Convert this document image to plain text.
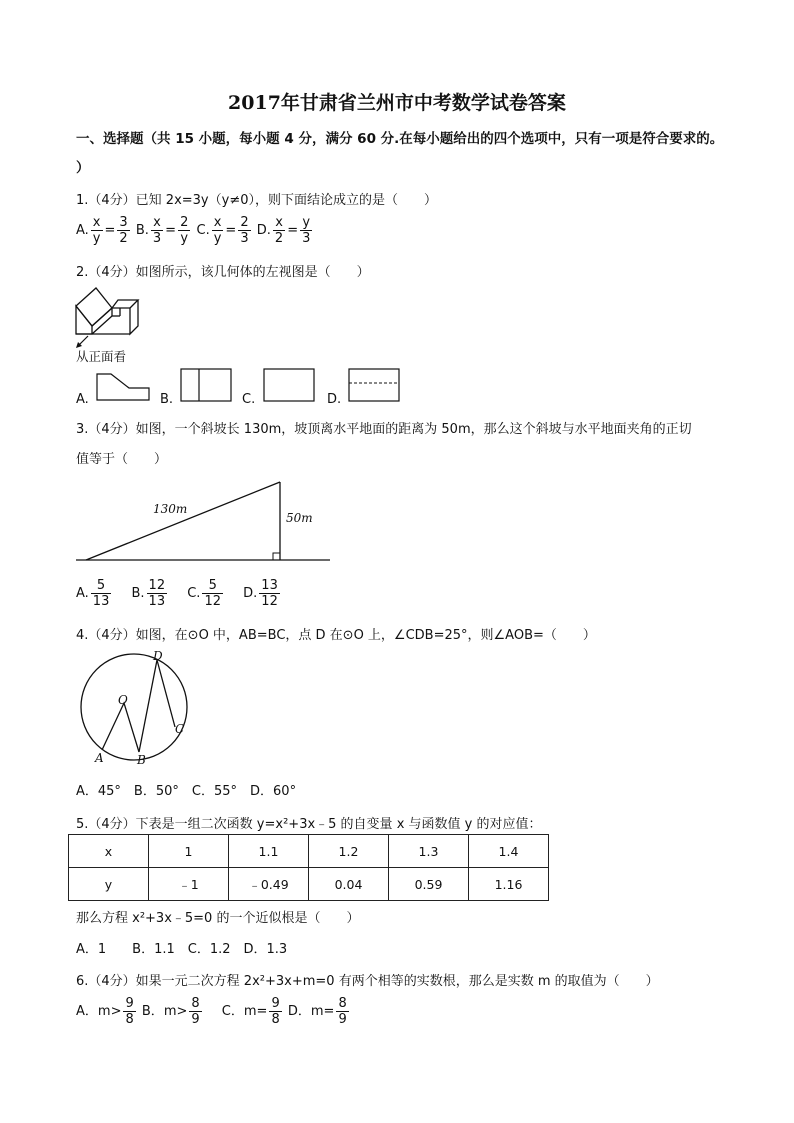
2017年甘肃省兰州市中考数学试卷答案
一、选择题（共 15 小题，每小题 4 分，满分 60 分.在每小题给出的四个选项中，只有一项是符合要求的。
）
1.（4分）已知 2x=3y（y≠0），则下面结论成立的是（　　）
A. $\frac{x}{y} = \frac{3}{2} B$. $\frac{x}{3} = \frac{2}{y} C$. $\frac{x}{y} = \frac{2}{3} D$. $\frac{x}{2} = \frac{y}{3}$
2.（4分）如图所示，该几何体的左视图是（　　）
从正面看
A.	B.	C.	D.
3.（4分）如图，一个斜坡长 130m，坡顶离水平地面的距离为 50m，那么这个斜坡与水平地面夹角的正切
值等于（　　）
130m
50m
A. $\frac{5}{13} B$. $\frac{12}{13} C$. $\frac{5}{12} D$. $\frac{13}{12}$
4.（4分）如图，在⊙O 中，AB=BC，点 D 在⊙O 上，∠CDB=25°，则∠AOB=（　　）
D
O
C
A	B
A．45°　B．50°　C．55°　D．60°
5.（4分）下表是一组二次函数 y=x²+3x﹣5 的自变量 x 与函数值 y 的对应值：
x	1	1.1	1.2	1.3	1.4
y	﹣1	﹣0.49	0.04	0.59	1.16
那么方程 x²+3x﹣5=0 的一个近似根是（　　）
A．1　　B．1.1　C．1.2　D．1.3
6.（4分）如果一元二次方程 2x²+3x+m=0 有两个相等的实数根，那么是实数 m 的取值为（　　）
A．$m> \frac{9}{8}$ B．$m> \frac{8}{9}$ C．$m= \frac{9}{8}$ D．$m= \frac{8}{9}$
